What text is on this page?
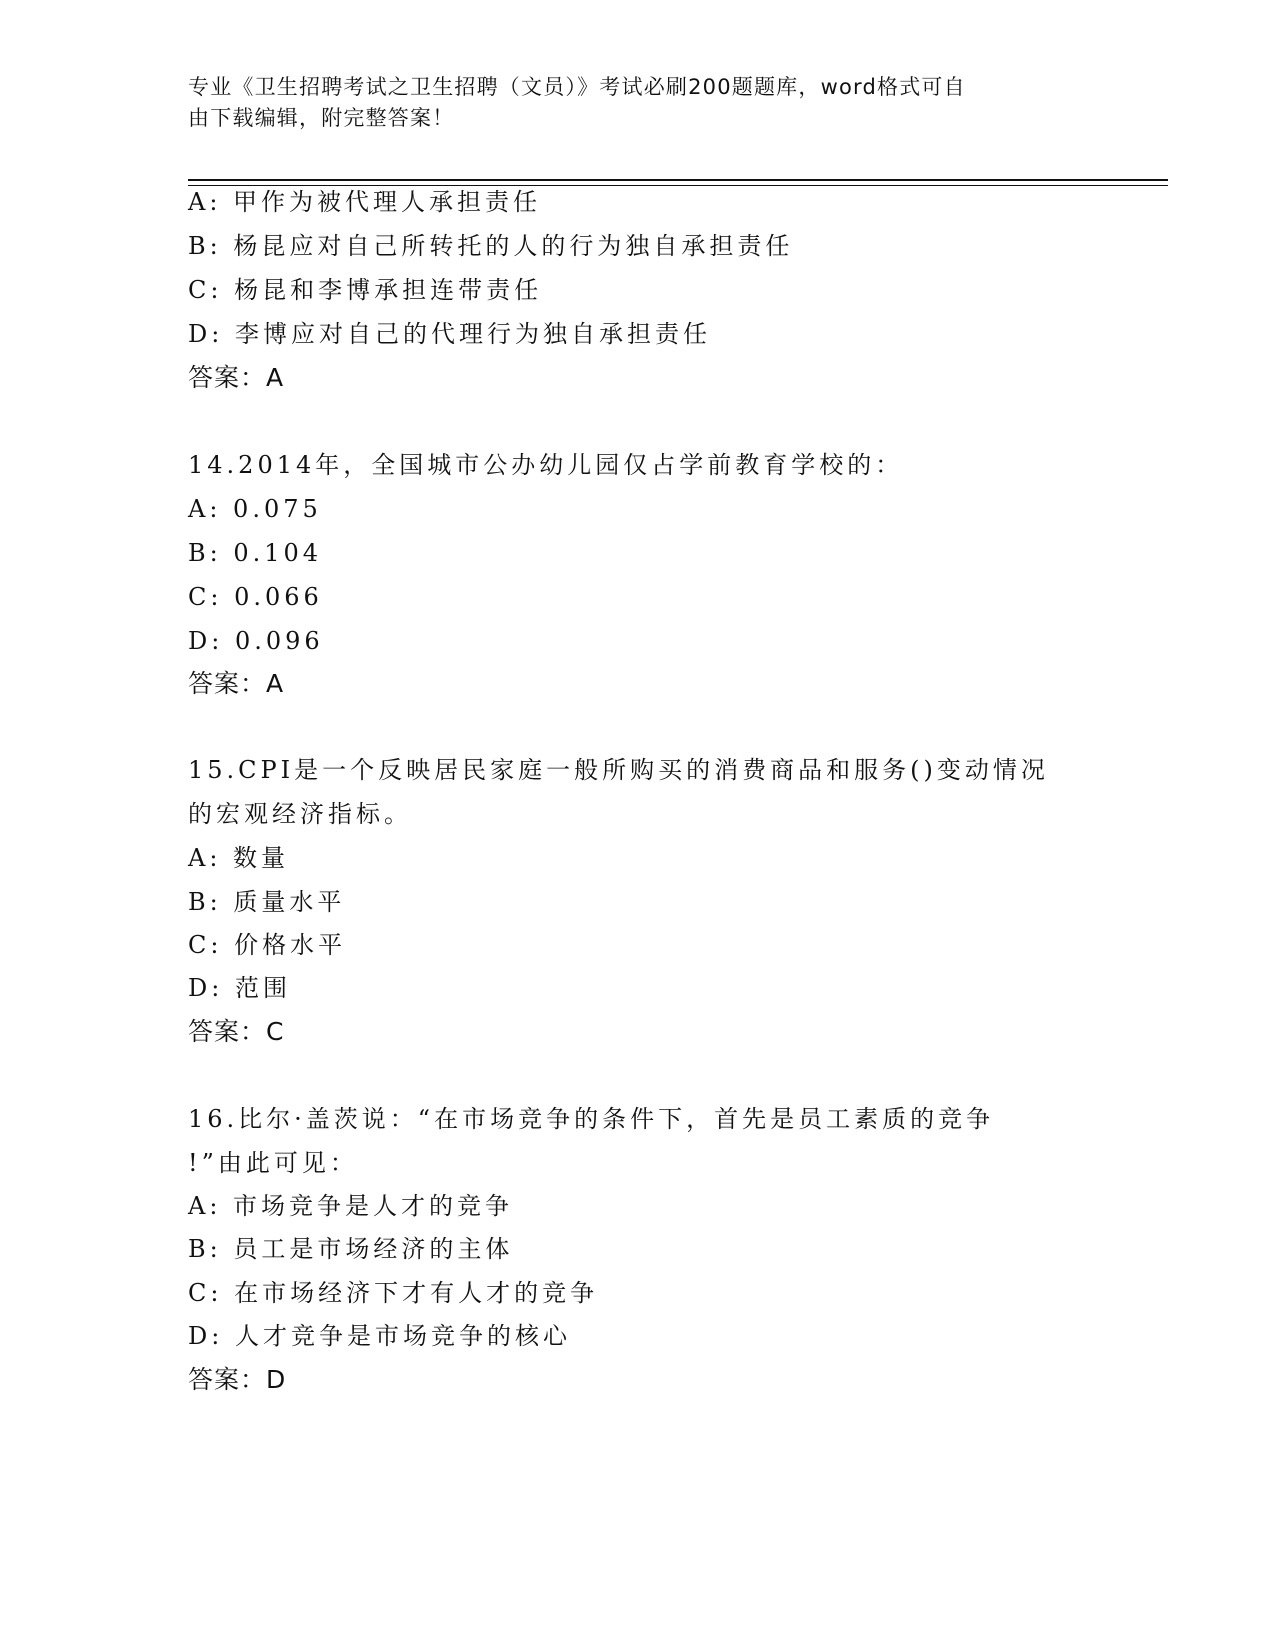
专业《卫生招聘考试之卫生招聘（文员）》考试必刷200题题库，word格式可自
由下载编辑，附完整答案！
A: 甲作为被代理人承担责任
B: 杨昆应对自己所转托的人的行为独自承担责任
C: 杨昆和李博承担连带责任
D: 李博应对自己的代理行为独自承担责任
答案：A
14.2014年，全国城市公办幼儿园仅占学前教育学校的：
A: 0.075
B: 0.104
C: 0.066
D: 0.096
答案：A
15.CPI是一个反映居民家庭一般所购买的消费商品和服务()变动情况
的宏观经济指标。
A: 数量
B: 质量水平
C: 价格水平
D: 范围
答案：C
16.比尔·盖茨说：“在市场竞争的条件下，首先是员工素质的竞争
!”由此可见：
A: 市场竞争是人才的竞争
B: 员工是市场经济的主体
C: 在市场经济下才有人才的竞争
D: 人才竞争是市场竞争的核心
答案：D
